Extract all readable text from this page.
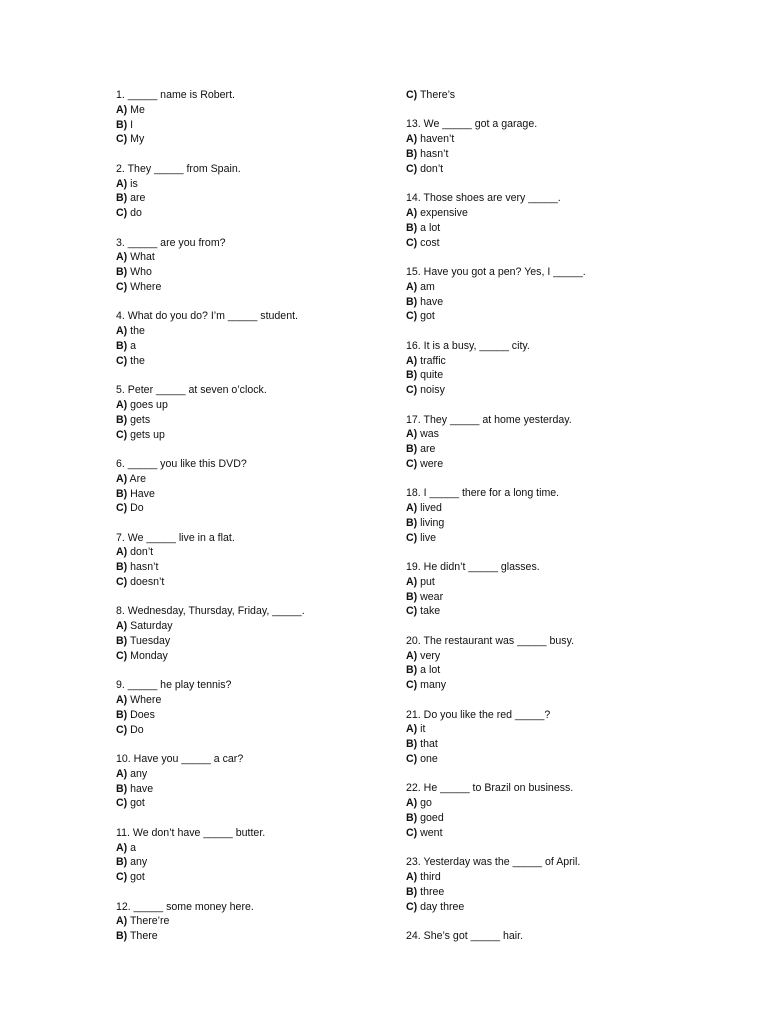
1. _____ name is Robert.
A) Me
B) I
C) My
2. They _____ from Spain.
A) is
B) are
C) do
3. _____ are you from?
A) What
B) Who
C) Where
4. What do you do? I’m _____ student.
A) the
B) a
C) the
5. Peter _____ at seven o’clock.
A) goes up
B) gets
C) gets up
6. _____ you like this DVD?
A) Are
B) Have
C) Do
7. We _____ live in a flat.
A) don’t
B) hasn’t
C) doesn’t
8. Wednesday, Thursday, Friday, _____.
A) Saturday
B) Tuesday
C) Monday
9. _____ he play tennis?
A) Where
B) Does
C) Do
10. Have you _____ a car?
A) any
B) have
C) got
11. We don’t have _____ butter.
A) a
B) any
C) got
12. _____ some money here.
A) There’re
B) There
C) There’s
13. We _____ got a garage.
A) haven’t
B) hasn’t
C) don’t
14. Those shoes are very _____.
A) expensive
B) a lot
C) cost
15. Have you got a pen? Yes, I _____.
A) am
B) have
C) got
16. It is a busy, _____ city.
A) traffic
B) quite
C) noisy
17. They _____ at home yesterday.
A) was
B) are
C) were
18. I _____ there for a long time.
A) lived
B) living
C) live
19. He didn’t _____ glasses.
A) put
B) wear
C) take
20. The restaurant was _____ busy.
A) very
B) a lot
C) many
21. Do you like the red _____?
A) it
B) that
C) one
22. He _____ to Brazil on business.
A) go
B) goed
C) went
23. Yesterday was the _____ of April.
A) third
B) three
C) day three
24. She’s got _____ hair.
